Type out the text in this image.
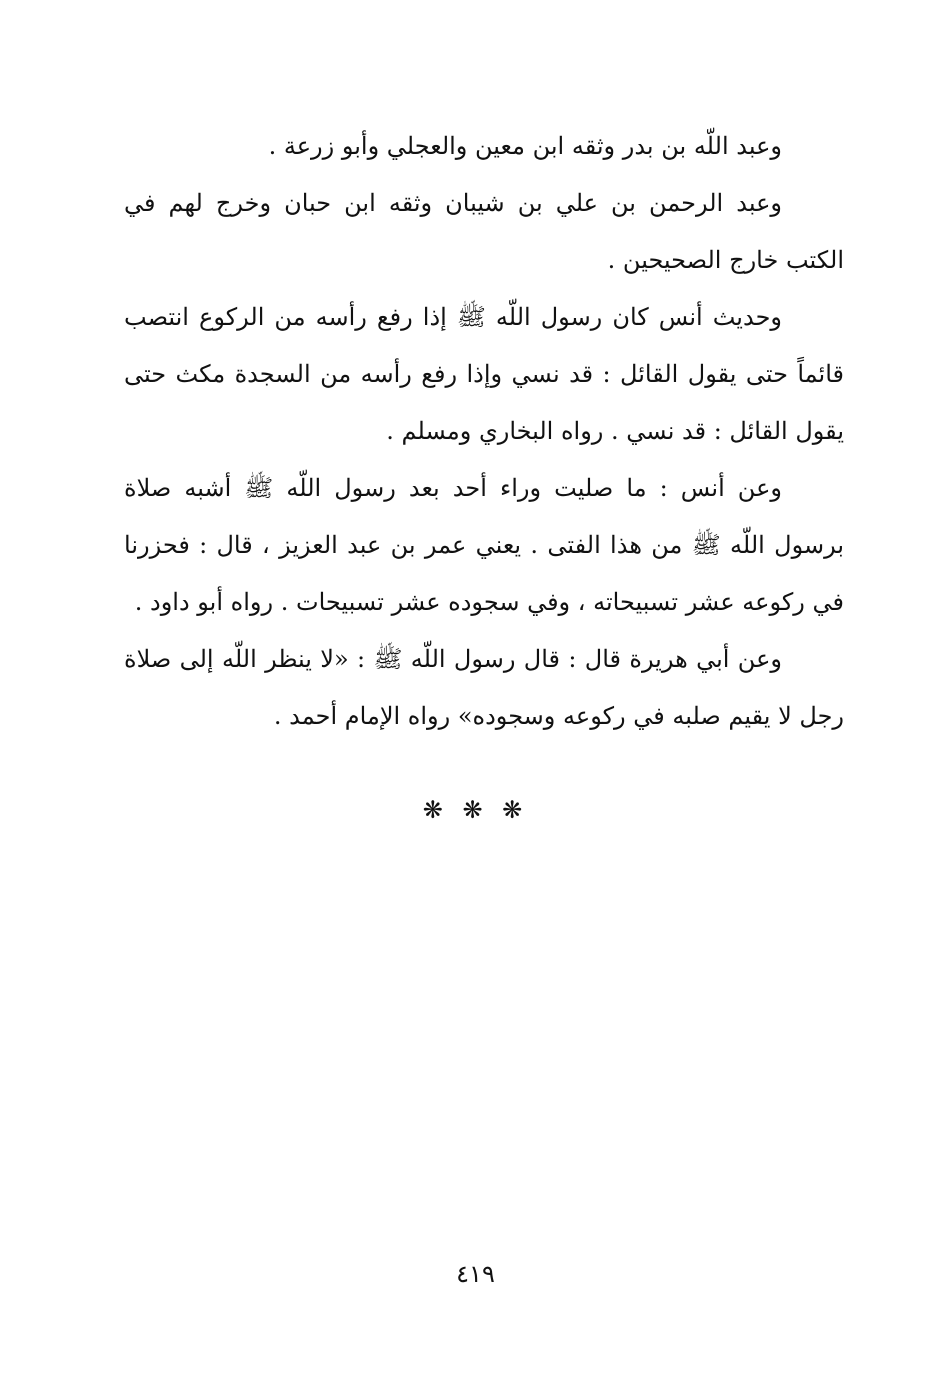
وعبد اللّه بن بدر وثقه ابن معين والعجلي وأبو زرعة .

وعبد الرحمن بن علي بن شيبان وثقه ابن حبان وخرج لهم في الكتب خارج الصحيحين .

وحديث أنس كان رسول اللّه ﷺ إذا رفع رأسه من الركوع انتصب قائماً حتى يقول القائل : قد نسي وإذا رفع رأسه من السجدة مكث حتى يقول القائل : قد نسي . رواه البخاري ومسلم .

وعن أنس : ما صليت وراء أحد بعد رسول اللّه ﷺ أشبه صلاة برسول اللّه ﷺ من هذا الفتى . يعني عمر بن عبد العزيز ، قال : فحزرنا في ركوعه عشر تسبيحاته ، وفي سجوده عشر تسبيحات . رواه أبو داود .

وعن أبي هريرة قال : قال رسول اللّه ﷺ : «لا ينظر اللّه إلى صلاة رجل لا يقيم صلبه في ركوعه وسجوده» رواه الإمام أحمد .

❋ ❋ ❋
٤١٩
